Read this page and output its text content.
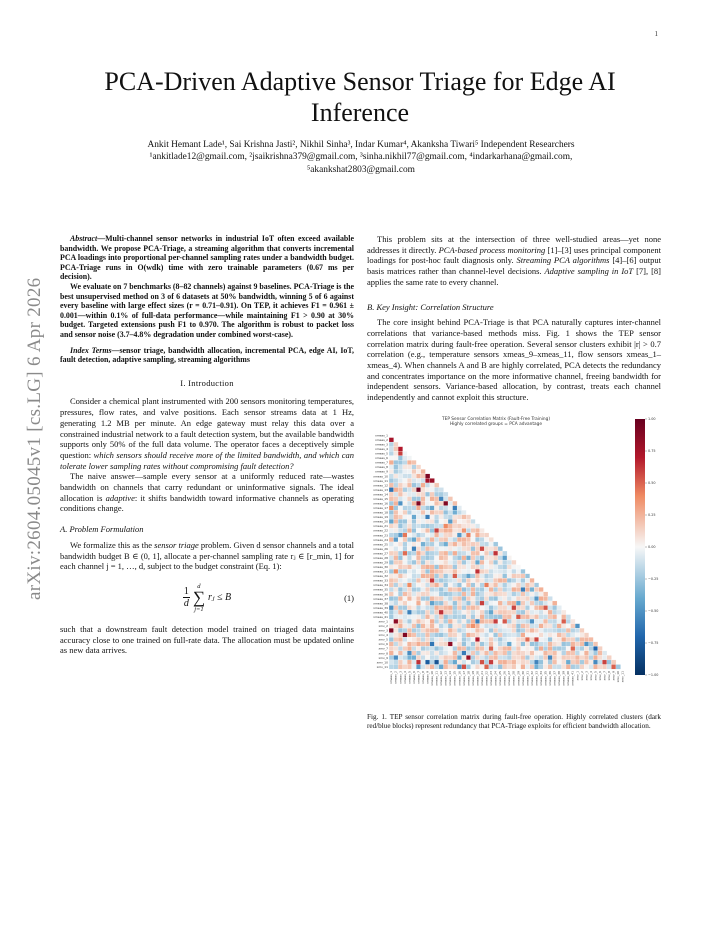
1
arXiv:2604.05045v1 [cs.LG] 6 Apr 2026
PCA-Driven Adaptive Sensor Triage for Edge AI Inference
Ankit Hemant Lade¹, Sai Krishna Jasti², Nikhil Sinha³, Indar Kumar⁴, Akanksha Tiwari⁵ Independent Researchers
¹ankitlade12@gmail.com, ²jsaikrishna379@gmail.com, ³sinha.nikhil77@gmail.com, ⁴indarkarhana@gmail.com,
⁵akankshat2803@gmail.com

Abstract—Multi-channel sensor networks in industrial IoT often exceed available bandwidth. We propose PCA-Triage, a streaming algorithm that converts incremental PCA loadings into proportional per-channel sampling rates under a bandwidth budget. PCA-Triage runs in O(wdk) time with zero trainable parameters (0.67 ms per decision).

We evaluate on 7 benchmarks (8–82 channels) against 9 baselines. PCA-Triage is the best unsupervised method on 3 of 6 datasets at 50% bandwidth, winning 5 of 6 against every baseline with large effect sizes (r = 0.71–0.91). On TEP, it achieves F1 = 0.961 ± 0.001—within 0.1% of full-data performance—while maintaining F1 > 0.90 at 30% budget. Targeted extensions push F1 to 0.970. The algorithm is robust to packet loss and sensor noise (3.7–4.8% degradation under combined worst-case).

Index Terms—sensor triage, bandwidth allocation, incremental PCA, edge AI, IoT, fault detection, adaptive sampling, streaming algorithms

I. Introduction

Consider a chemical plant instrumented with 200 sensors monitoring temperatures, pressures, flow rates, and valve positions. Each sensor streams data at 1 Hz, generating 1.2 MB per minute. An edge gateway must relay this data over a constrained industrial network to a fault detection system, but the available bandwidth supports only 50% of the full data volume. The operator faces a deceptively simple question: which sensors should receive more of the limited bandwidth, and which can tolerate lower sampling rates without compromising fault detection?

The naive answer—sample every sensor at a uniformly reduced rate—wastes bandwidth on channels that carry redundant or uninformative signals. The ideal allocation is adaptive: it shifts bandwidth toward informative channels as operating conditions change.

A. Problem Formulation

We formalize this as the sensor triage problem. Given d sensor channels and a total bandwidth budget B ∈ (0, 1], allocate a per-channel sampling rate rⱼ ∈ [r_min, 1] for each channel j = 1, …, d, subject to the budget constraint (Eq. 1):

$\frac{1}{d}$ d
∑
j=1
rⱼ ≤ B	(1)

such that a downstream fault detection model trained on triaged data maintains accuracy close to one trained on full-rate data. The allocation must be updated online as new data arrives.

This problem sits at the intersection of three well-studied areas—yet none addresses it directly. PCA-based process monitoring [1]–[3] uses principal component loadings for post-hoc fault diagnosis only. Streaming PCA algorithms [4]–[6] output basis matrices rather than channel-level decisions. Adaptive sampling in IoT [7], [8] applies the same rate to every channel.

B. Key Insight: Correlation Structure

The core insight behind PCA-Triage is that PCA naturally captures inter-channel correlations that variance-based methods miss. Fig. 1 shows the TEP sensor correlation matrix during fault-free operation. Several sensor clusters exhibit |r| > 0.7 correlation (e.g., temperature sensors xmeas_9–xmeas_11, flow sensors xmeas_1–xmeas_4). When channels A and B are highly correlated, PCA detects the redundancy and concentrates importance on the more informative channel, freeing bandwidth for independent sensors. Variance-based allocation, by contrast, treats each channel independently and cannot exploit this structure.

xmeas_1
xmeas_2
xmeas_3
xmeas_4
xmeas_5
xmeas_6
xmeas_7
xmeas_8
xmeas_9
xmeas_10
xmeas_11
xmeas_12
xmeas_13
xmeas_14
xmeas_15
xmeas_16
xmeas_17
xmeas_18
xmeas_19
xmeas_20
xmeas_21
xmeas_22
xmeas_23
xmeas_24
xmeas_25
xmeas_26
xmeas_27
xmeas_28
xmeas_29
xmeas_30
xmeas_31
xmeas_32
xmeas_33
xmeas_34
xmeas_35
xmeas_36
xmeas_37
xmeas_38
xmeas_39
xmeas_40
xmeas_41
xmv_1
xmv_2
xmv_3
xmv_4
xmv_5
xmv_6
xmv_7
xmv_8
xmv_9
xmv_10
xmv_11
xmeas_1 xmeas_2 xmeas_3 xmeas_4 xmeas_5 xmeas_6 xmeas_7 xmeas_8 xmeas_9 xmeas_10 xmeas_11 xmeas_12 xmeas_13 xmeas_14 xmeas_15 xmeas_16 xmeas_17 xmeas_18 xmeas_19 xmeas_20 xmeas_21 xmeas_22 xmeas_23 xmeas_24 xmeas_25 xmeas_26 xmeas_27 xmeas_28 xmeas_29 xmeas_30 xmeas_31 xmeas_32 xmeas_33 xmeas_34 xmeas_35 xmeas_36 xmeas_37 xmeas_38 xmeas_39 xmeas_40 xmeas_41 xmv_1 xmv_2 xmv_3 xmv_4 xmv_5 xmv_6 xmv_7 xmv_8 xmv_9 xmv_10 xmv_11
1.00
0.75
0.50
0.25
0.00
−0.25
−0.50
−0.75
−1.00
TEP Sensor Correlation Matrix (Fault-Free Training)
Highly correlated groups = PCA advantage

Fig. 1. TEP sensor correlation matrix during fault-free operation. Highly correlated clusters (dark red/blue blocks) represent redundancy that PCA-Triage exploits for efficient bandwidth allocation.
